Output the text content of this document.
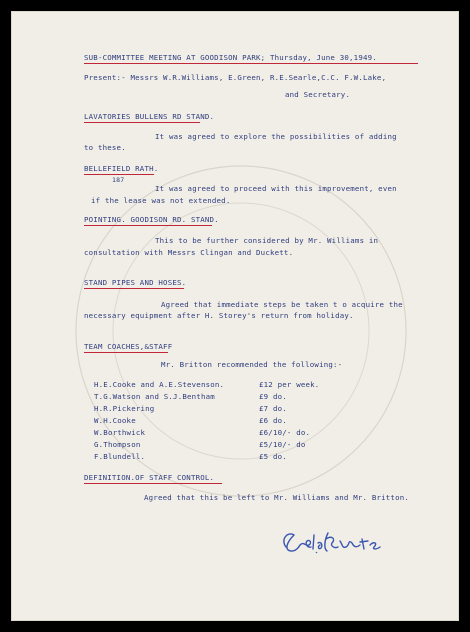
SUB-COMMITTEE MEETING AT GOODISON PARK; Thursday, June 30,1949.
Present:- Messrs W.R.Williams, E.Green, R.E.Searle,C.C. F.W.Lake,
and Secretary.
LAVATORIES BULLENS RD STAND.
It was agreed to explore the possibilities of adding
to these.
BELLEFIELD RATH.
187
It was agreed to proceed with this improvement, even
if the lease was not extended.
POINTING. GOODISON RD. STAND.
This to be further considered by Mr. Williams in
consultation with Messrs Clingan and Duckett.
STAND PIPES AND HOSES.
Agreed that immediate steps be taken t o acquire the
necessary equipment after H. Storey's return from holiday.
TEAM COACHES,&STAFF
Mr. Britton recommended the following:-
H.E.Cooke and A.E.Stevenson.	£12 per week.
T.G.Watson and S.J.Bentham	£9 do.
H.R.Pickering	£7 do.
W.H.Cooke	£6 do.
W.Borthwick	£6/10/- do.
G.Thompson	£5/10/- do
F.Blundell.	£5 do.
DEFINITION.OF STAFF CONTROL.
Agreed that this be left to Mr. Williams and Mr. Britton.
